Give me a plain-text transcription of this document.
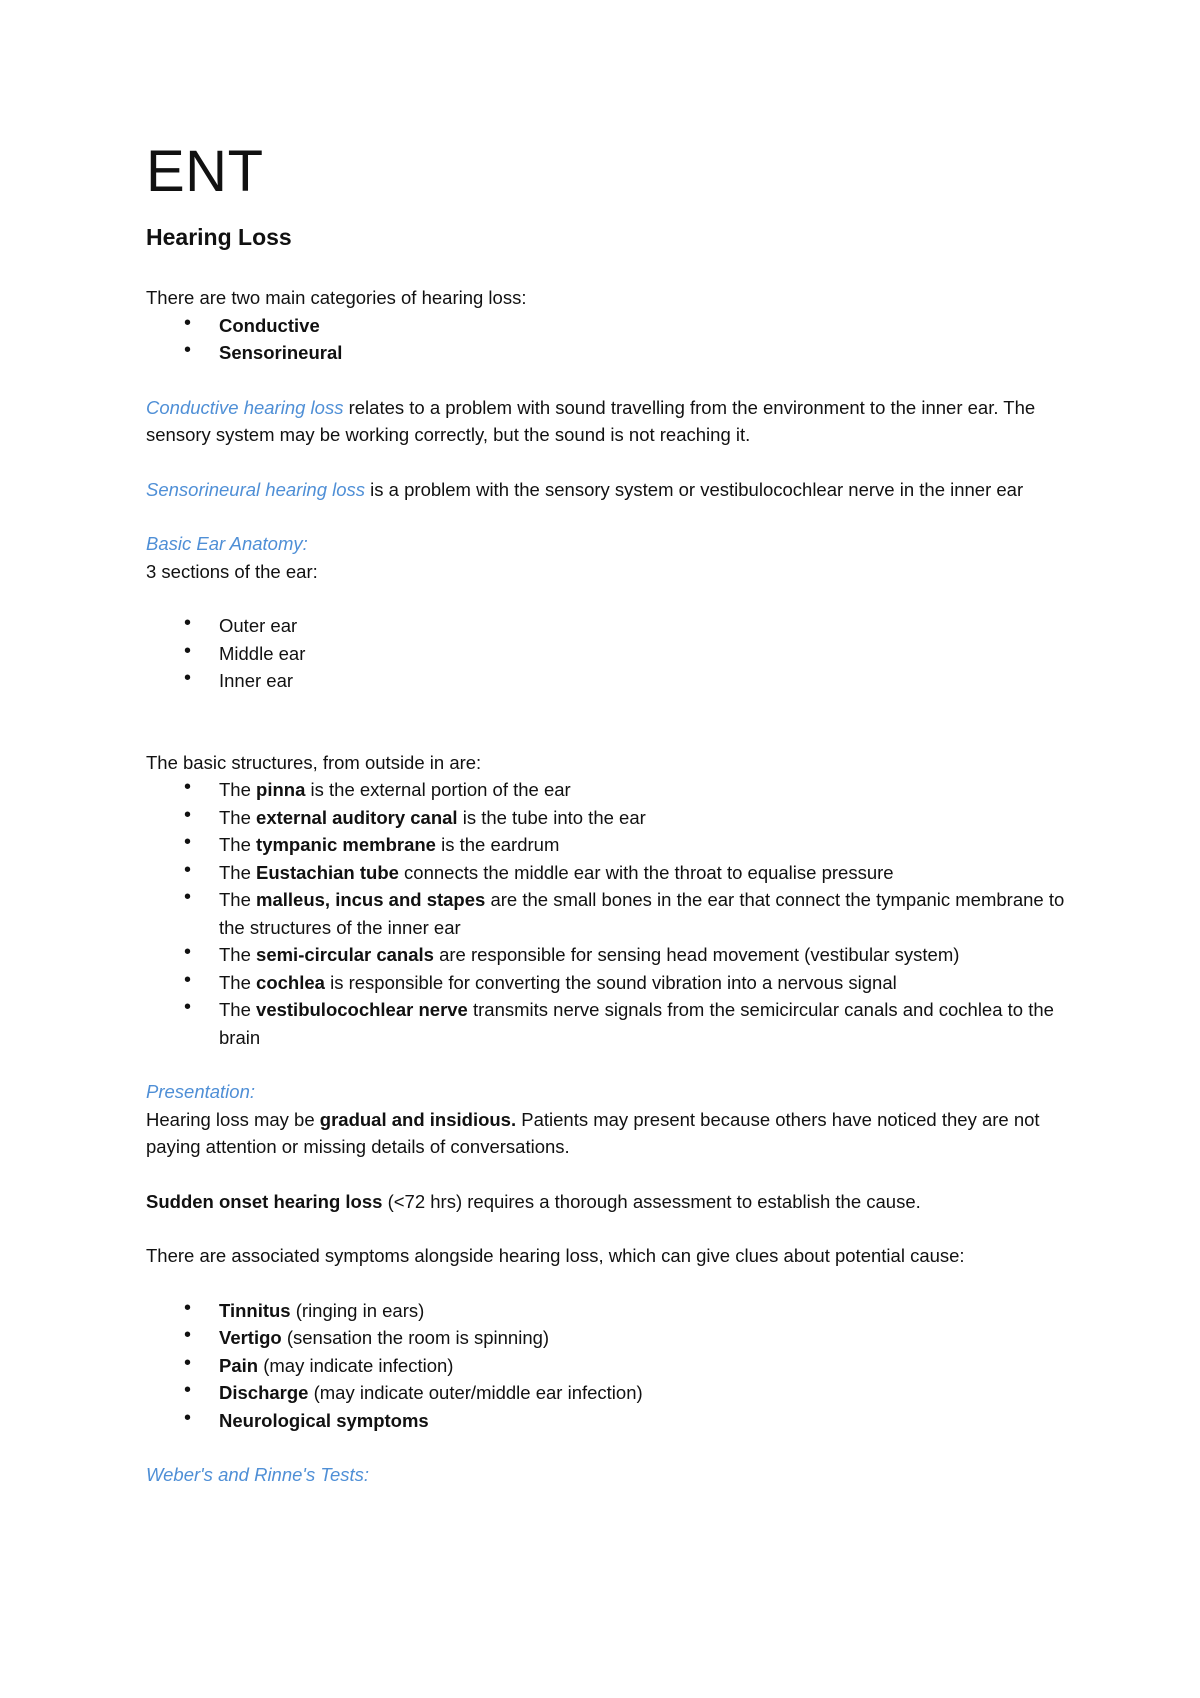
ENT
Hearing Loss

There are two main categories of hearing loss:

• Conductive
• Sensorineural

Conductive hearing loss relates to a problem with sound travelling from the environment to the inner ear. The sensory system may be working correctly, but the sound is not reaching it.

Sensorineural hearing loss is a problem with the sensory system or vestibulocochlear nerve in the inner ear

Basic Ear Anatomy:

3 sections of the ear:

• Outer ear
• Middle ear
• Inner ear

The basic structures, from outside in are:

• The pinna is the external portion of the ear
• The external auditory canal is the tube into the ear
• The tympanic membrane is the eardrum
• The Eustachian tube connects the middle ear with the throat to equalise pressure
• The malleus, incus and stapes are the small bones in the ear that connect the tympanic membrane to the structures of the inner ear
• The semi-circular canals are responsible for sensing head movement (vestibular system)
• The cochlea is responsible for converting the sound vibration into a nervous signal
• The vestibulocochlear nerve transmits nerve signals from the semicircular canals and cochlea to the brain

Presentation:

Hearing loss may be gradual and insidious. Patients may present because others have noticed they are not paying attention or missing details of conversations.

Sudden onset hearing loss (<72 hrs) requires a thorough assessment to establish the cause.

There are associated symptoms alongside hearing loss, which can give clues about potential cause:

• Tinnitus (ringing in ears)
• Vertigo (sensation the room is spinning)
• Pain (may indicate infection)
• Discharge (may indicate outer/middle ear infection)
• Neurological symptoms

Weber's and Rinne's Tests:
